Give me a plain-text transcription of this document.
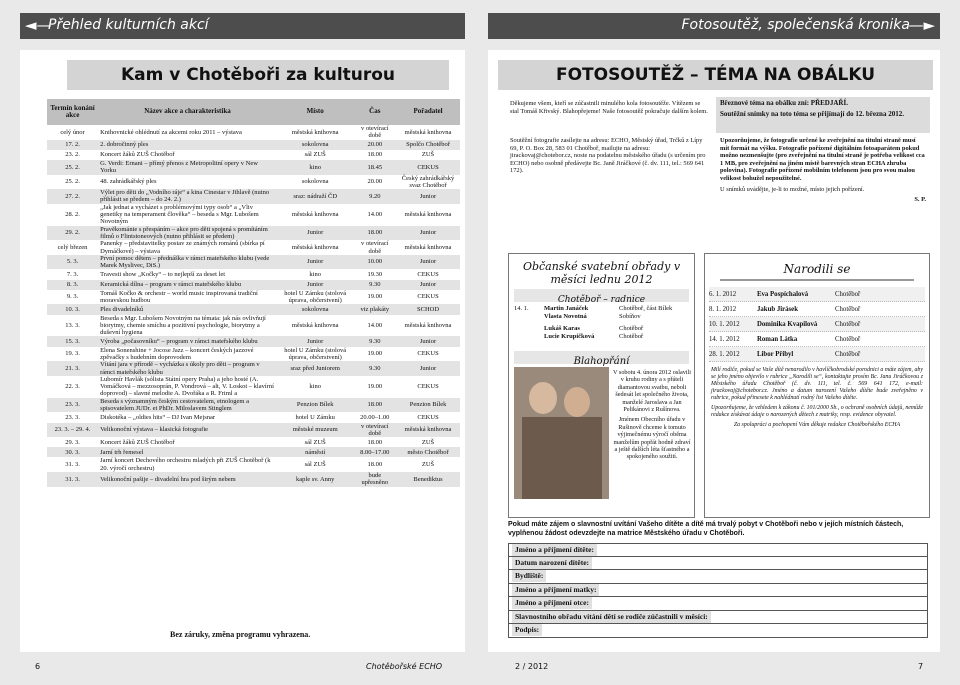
◄—
Přehled kulturních akcí	Fotosoutěž, společenská kronika
—►
Kam v Chotěboři za kulturou
Termín konání akce	Název akce a charakteristika	Místo	Čas	Pořadatel
celý únor	Knihovnické ohlédnutí za akcemi roku 2011 – výstava	městská knihovna	v otevírací době	městská knihovna
17. 2.	2. dobročinný ples	sokolovna	20.00	Spolčo Chotěboř
23. 2.	Koncert žáků ZUŠ Chotěboř	sál ZUŠ	18.00	ZUŠ
25. 2.	G. Verdi: Ernani – přímý přenos z Metropolitní opery v New Yorku	kino	18.45	CEKUS
25. 2.	48. zahrádkářský ples	sokolovna	20.00	Český zahrádkářský svaz Chotěboř
27. 2.	Výlet pro děti do „Vodního ráje“ a kina Cinestar v Jihlavě (nutno přihlásit se předem – do 24. 2.)	sraz: nádraží ČD	9.20	Junior
28. 2.	„Jak jednat a vycházet s problémovými typy osob“ a „Vliv genetiky na temperament člověka“ – beseda s Mgr. Lubošem Novotným	městská knihovna	14.00	městská knihovna
29. 2.	Pravěkománie s přespáním – akce pro děti spojená s promítáním filmů o Flintstoneových (nutno přihlásit se předem)	Junior	18.00	Junior
celý březen	Panenky – představitelky postav ze známých románů (sbírka pí Dymáčkové) – výstava	městská knihovna	v otevírací době	městská knihovna
5. 3.	První pomoc dětem – přednáška v rámci mateřského klubu (vede Marek Myslivec, DiS.)	Junior	10.00	Junior
7. 3.	Travesti show „Kočky“ – to nejlepší za deset let	kino	19.30	CEKUS
8. 3.	Keramická dílna – program v rámci mateřského klubu	Junior	9.30	Junior
9. 3.	Tomáš Kočko & orchestr – world music inspirovaná tradiční moravskou hudbou	hotel U Zámku (stolová úprava, občerstvení)	19.00	CEKUS
10. 3.	Ples divadelníků	sokolovna	viz plakáty	SCHOD
13. 3.	Beseda s Mgr. Lubošem Novotným na témata: jak nás ovlivňují biorytmy, chemie smíchu a pozitivní psychologie, biorytmy a duševní hygiena	městská knihovna	14.00	městská knihovna
15. 3.	Výroba „počasovníku“ – program v rámci mateřského klubu	Junior	9.30	Junior
19. 3.	Elena Sonenshine + Jocose Jazz – koncert českých jazzové zpěvačky s hudebním doprovodem	hotel U Zámku (stolová úprava, občerstvení)	19.00	CEKUS
21. 3.	Vítání jara v přírodě – vycházka s úkoly pro děti – program v rámci mateřského klubu	sraz před Juniorem	9.30	Junior
22. 3.	Lubomír Havlák (sólista Státní opery Praha) a jeho hosté (A. Vomáčková – mezzosoprán, P. Vondrová – alt, V. Loskot – klavírní doprovod) – slavné melodie A. Dvořáka a R. Friml a	kino	19.00	CEKUS
23. 3.	Beseda s významným českým cestovatelem, etnologem a spisovatelem JUDr. et PhDr. Miloslavem Stinglem	Penzion Bílek	18.00	Penzion Bílek
23. 3.	Diskotéka – „oldies hits“ – DJ Ivan Mejsnar	hotel U Zámku	20.00–1.00	CEKUS
23. 3. – 29. 4.	Velikonoční výstava – klasická fotografie	městské muzeum	v otevírací době	městská knihovna
29. 3.	Koncert žáků ZUŠ Chotěboř	sál ZUŠ	18.00	ZUŠ
30. 3.	Jarní trh řemesel	náměstí	8.00–17.00	město Chotěboř
31. 3.	Jarní koncert Dechového orchestru mladých při ZUŠ Chotěboř (k 20. výročí orchestru)	sál ZUŠ	18.00	ZUŠ
31. 3.	Velikonoční pašije – divadelní hra pod širým nebem	kaple sv. Anny	bude upřesněno	Benediktus
Bez záruky, změna programu vyhrazena.
FOTOSOUTĚŽ – TÉMA NA OBÁLKU

Děkujeme všem, kteří se zúčastnili minulého kola fotosoutěže. Vítězem se stal Tomáš Křivský. Blahopřejeme! Naše fotosoutěž pokračuje dalším kolem.

Březnové téma na obálku zní: PŘEDJAŘÍ.

Soutěžní snímky na toto téma se přijímají do 12. března 2012.

Soutěžní fotografie zasílejte na adresu: ECHO, Městský úřad, Trčků z Lípy 69, P. O. Box 28, 583 01 Chotěboř, mailujte na adresu: jirackovaj@chotebor.cz, noste na podatelnu městského úřadu (s určením pro ECHO) nebo osobně předávejte Bc. Janě Jiráčkové (č. dv. 111, tel.: 569 641 172).

Upozorňujeme, že fotografie určené ke zveřejnění na titulní straně musí mít formát na výšku. Fotografie pořízené digitálním fotoaparátem pokud možno nezmenšujte (pro zveřejnění na titulní straně je potřeba velikost cca 1 MB, pro zveřejnění na jiném místě barevných stran ECHA zhruba polovina). Fotografie pořízené mobilním telefonem jsou pro svou malou velikost bohužel nepoužitelné.

U snímků uvádějte, je-li to možné, místo jejich pořízení.

S. P.

Občanské svatební obřady v měsíci lednu 2012
Chotěboř – radnice
14. 1. Martin Janáček	Chotěboř, část Bílek
Vlasta Novotná	Sobíňov
Lukáš Karas	Chotěboř
Lucie Krupičková	Chotěboř
Blahopřání

V sobotu 4. února 2012 oslavili v kruhu rodiny a s přáteli diamantovou svatbu, neboli šedesát let společného života, manželé Jaroslava a Jan Pelikánovi z Rušínova.

Jménem Obecního úřadu v Rušinově chceme k tomuto výjimečnému výročí oběma manželům popřát hodně zdraví a ještě dalších léta šťastného a spokojeného soužití.

Narodili se
6. 1. 2012	Eva Pospíchalová	Chotěboř
8. 1. 2012	Jakub Jirásek	Chotěboř
10. 1. 2012	Dominika Kvapilová	Chotěboř
14. 1. 2012	Roman Látka	Chotěboř
28. 1. 2012	Libor Přibyl	Chotěboř

Milí rodiče, pokud se Vaše dítě nenarodilo v havlíčkobrodské porodnici a máte zájem, aby se jeho jméno objevilo v rubrice „Narodili se“, kontaktujte prosím Bc. Janu Jiráčkovou z Městského úřadu Chotěboř (č. dv. 111, tel. č. 569 641 172, e-mail: jirackovaj@chotebor.cz. Jméno a datum narození Vašeho dítěte bude zveřejněno v rubrice, pokud přinesete k nahlédnutí rodný list Vašeho dítěte.

Upozorňujeme, že vzhledem k zákonu č. 101/2000 Sb., o ochraně osobních údajů, nemůže redakce získávat údaje o narozených dětech z matriky, resp. evidence obyvatel.

Za spolupráci a pochopení Vám děkuje redakce Chotěbořského ECHA

Pokud máte zájem o slavnostní uvítání Vašeho dítěte a dítě má trvalý pobyt v Chotěboři nebo v jejích místních částech, vyplňenou žádost odevzdejte na matrice Městského úřadu v Chotěboři.
Jméno a příjmení dítěte:
Datum narození dítěte:
Bydliště:
Jméno a příjmení matky:
Jméno a příjmení otce:
Slavnostního obřadu vítání dětí se rodiče zúčastnili v měsíci:
Podpis:
6	Chotěbořské ECHO	2 / 2012	7
